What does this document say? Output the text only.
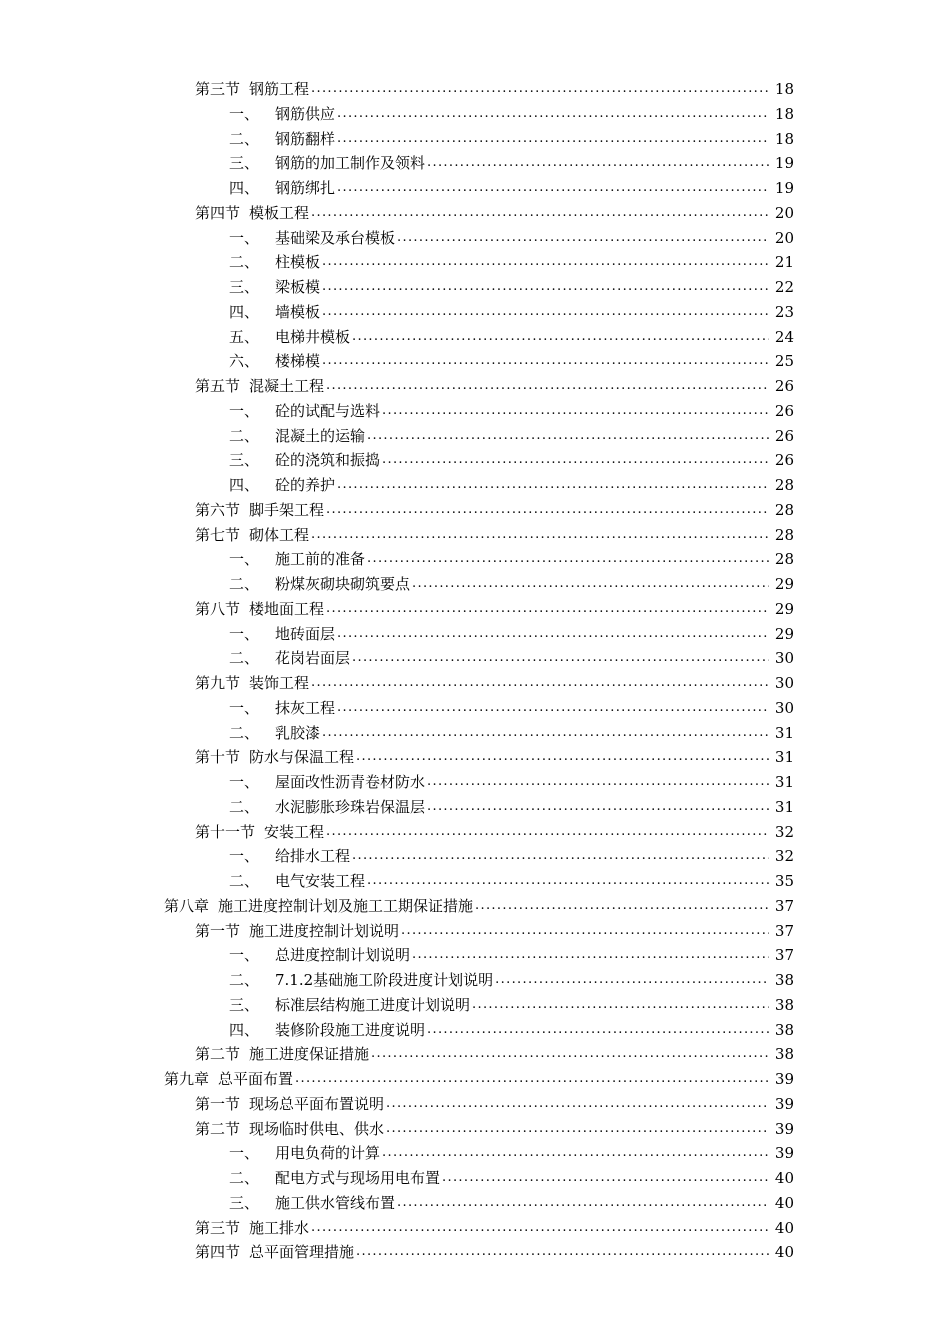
第三节 钢筋工程 . . .	18
一、	钢筋供应 . . .	18
二、	钢筋翻样 . . .	18
三、	钢筋的加工制作及领料 . . .	19
四、	钢筋绑扎 . . .	19
第四节 模板工程 . . .	20
一、	基础梁及承台模板 . . .	20
二、	柱模板 . . .	21
三、	梁板模 . . .	22
四、	墙模板 . . .	23
五、	电梯井模板 . . .	24
六、	楼梯模 . . .	25
第五节 混凝土工程 . . .	26
一、	砼的试配与选料 . . .	26
二、	混凝土的运输 . . .	26
三、	砼的浇筑和振捣 . . .	26
四、	砼的养护 . . .	28
第六节 脚手架工程 . . .	28
第七节 砌体工程 . . .	28
一、	施工前的准备 . . .	28
二、	粉煤灰砌块砌筑要点 . . .	29
第八节 楼地面工程 . . .	29
一、	地砖面层 . . .	29
二、	花岗岩面层 . . .	30
第九节 装饰工程 . . .	30
一、	抹灰工程 . . .	30
二、	乳胶漆 . . .	31
第十节 防水与保温工程 . . .	31
一、	屋面改性沥青卷材防水 . . .	31
二、	水泥膨胀珍珠岩保温层 . . .	31
第十一节 安装工程 . . .	32
一、	给排水工程 . . .	32
二、	电气安装工程 . . .	35
第八章 施工进度控制计划及施工工期保证措施 . . .	37
第一节 施工进度控制计划说明 . . .	37
一、	总进度控制计划说明 . . .	37
二、	7.1.2基础施工阶段进度计划说明 . . .	38
三、	标准层结构施工进度计划说明 . . .	38
四、	装修阶段施工进度说明 . . .	38
第二节 施工进度保证措施 . . .	38
第九章 总平面布置 . . .	39
第一节 现场总平面布置说明 . . .	39
第二节 现场临时供电、供水 . . .	39
一、	用电负荷的计算 . . .	39
二、	配电方式与现场用电布置 . . .	40
三、	施工供水管线布置 . . .	40
第三节 施工排水 . . .	40
第四节 总平面管理措施 . . .	40
